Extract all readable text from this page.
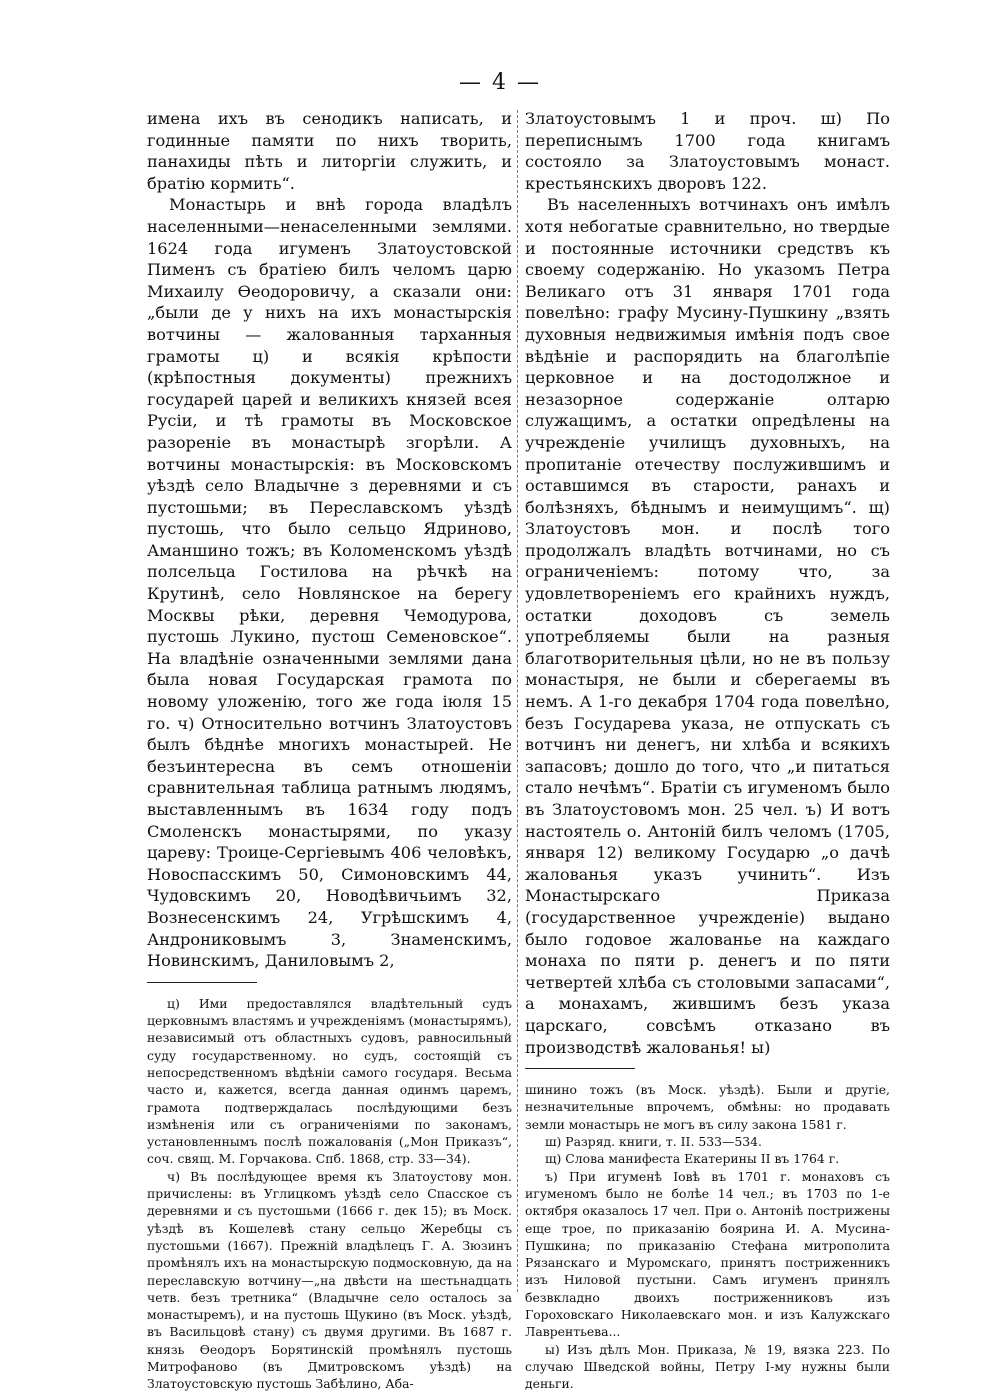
— 4 —

имена ихъ въ сенодикъ написать, и годинные памяти по нихъ творить, панахиды пѣть и литоргіи служить, и братію кормить“.

Монастырь и внѣ города владѣлъ населенными—ненаселенными землями. 1624 года игуменъ Златоустовской Пименъ съ братіею билъ челомъ царю Михаилу Ѳеодоровичу, а сказали они: „были де у нихъ на ихъ монастырскія вотчины — жалованныя тарханныя грамоты ц) и всякія крѣпости (крѣпостныя документы) прежнихъ государей царей и великихъ князей всея Русіи, и тѣ грамоты въ Московское разореніе въ монастырѣ згорѣли. А вотчины монастырскія: въ Московскомъ уѣздѣ село Владычне з деревнями и съ пустошьми; въ Переславскомъ уѣздѣ пустошь, что было сельцо Ядриново, Аманшино тожъ; въ Коломенскомъ уѣздѣ полсельца Гостилова на рѣчкѣ на Крутинѣ, село Новлянское на берегу Москвы рѣки, деревня Чемодурова, пустошь Лукино, пустош Семеновское“. На владѣніе означенными землями дана была новая Государская грамота по новому уложенію, того же года іюля 15 го. ч) Относительно вотчинъ Златоустовъ былъ бѣднѣе многихъ монастырей. Не безъинтересна въ семъ отношеніи сравнительная таблица ратнымъ людямъ, выставленнымъ въ 1634 году подъ Смоленскъ монастырями, по указу цареву: Троице-Сергіевымъ 406 человѣкъ, Новоспасскимъ 50, Симоновскимъ 44, Чудовскимъ 20, Новодѣвичьимъ 32, Вознесенскимъ 24, Угрѣшскимъ 4, Андрониковымъ 3, Знаменскимъ, Новинскимъ, Даниловымъ 2,

ц) Ими предоставлялся владѣтельный судъ церковнымъ властямъ и учрежденіямъ (монастырямъ), независимый отъ областныхъ судовъ, равносильный суду государственному. но судъ, состоящій съ непосредственномъ вѣдѣніи самого государя. Весьма часто и, кажется, всегда данная одинмъ царемъ, грамота подтверждалась послѣдующими безъ измѣненія или съ ограниченіями по законамъ, установленнымъ послѣ пожалованія („Мон Приказъ“, соч. свящ. М. Горчакова. Спб. 1868, стр. 33—34).

ч) Въ послѣдующее время къ Златоустову мон. причислены: въ Углицкомъ уѣздѣ село Спасское съ деревнями и съ пустошьми (1666 г. дек 15); въ Моск. уѣздѣ въ Кошелевѣ стану сельцо Жеребцы съ пустошьми (1667). Прежній владѣлецъ Г. А. Зюзинъ промѣнялъ ихъ на монастырскую подмосковную, да на переславскую вотчину—„на двѣсти на шестьнадцать четв. безъ третника“ (Владычне село осталось за монастыремъ), и на пустошь Щукино (въ Моск. уѣздѣ, въ Васильцовѣ стану) съ двумя другими. Въ 1687 г. князь Ѳеодоръ Борятинскій промѣнялъ пустошь Митрофаново (въ Дмитровскомъ уѣздѣ) на Златоустовскую пустошь Забѣлино, Аба-

Златоустовымъ 1 и проч. ш) По переписнымъ 1700 года книгамъ состояло за Златоустовымъ монаст. крестьянскихъ дворовъ 122.

Въ населенныхъ вотчинахъ онъ имѣлъ хотя небогатые сравнительно, но твердые и постоянные источники средствъ къ своему содержанію. Но указомъ Петра Великаго отъ 31 января 1701 года повелѣно: графу Мусину-Пушкину „взять духовныя недвижимыя имѣнія подъ свое вѣдѣніе и распорядить на благолѣпіе церковное и на достодолжное и незазорное содержаніе олтарю служащимъ, а остатки опредѣлены на учрежденіе училищъ духовныхъ, на пропитаніе отечеству послужившимъ и оставшимся въ старости, ранахъ и болѣзняхъ, бѣднымъ и неимущимъ“. щ) Златоустовъ мон. и послѣ того продолжалъ владѣть вотчинами, но съ ограниченіемъ: потому что, за удовлетвореніемъ его крайнихъ нуждъ, остатки доходовъ съ земель употребляемы были на разныя благотворительныя цѣли, но не въ пользу монастыря, не были и сберегаемы въ немъ. А 1-го декабря 1704 года повелѣно, безъ Государева указа, не отпускать съ вотчинъ ни денегъ, ни хлѣба и всякихъ запасовъ; дошло до того, что „и питаться стало нечѣмъ“. Братіи съ игуменомъ было въ Златоустовомъ мон. 25 чел. ъ) И вотъ настоятель о. Антоній билъ челомъ (1705, января 12) великому Государю „о дачѣ жалованья указъ учинить“. Изъ Монастырскаго Приказа (государственное учрежденіе) выдано было годовое жалованье на каждаго монаха по пяти р. денегъ и по пяти четвертей хлѣба съ столовыми запасами“, а монахамъ, жившимъ безъ указа царскаго, совсѣмъ отказано въ производствѣ жалованья! ы)

шинино тожъ (въ Моск. уѣздѣ). Были и другіе, незначительные впрочемъ, обмѣны: но продавать земли монастырь не могъ въ силу закона 1581 г.

ш) Разряд. книги, т. II. 533—534.

щ) Слова манифеста Екатерины II въ 1764 г.

ъ) При игуменѣ Іовѣ въ 1701 г. монаховъ съ игуменомъ было не болѣе 14 чел.; въ 1703 по 1-е октября оказалось 17 чел. При о. Антоніѣ пострижены еще трое, по приказанію боярина И. А. Мусина-Пушкина; по приказанію Стефана митрополита Рязанскаго и Муромскаго, принятъ постриженникъ изъ Ниловой пустыни. Самъ игуменъ принялъ безвкладно двоихъ постриженниковъ изъ Гороховскаго Николаевскаго мон. и изъ Калужскаго Лаврентьева...

ы) Изъ дѣлъ Мон. Приказа, № 19, вязка 223. По случаю Шведской войны, Петру I-му нужны были деньги.
